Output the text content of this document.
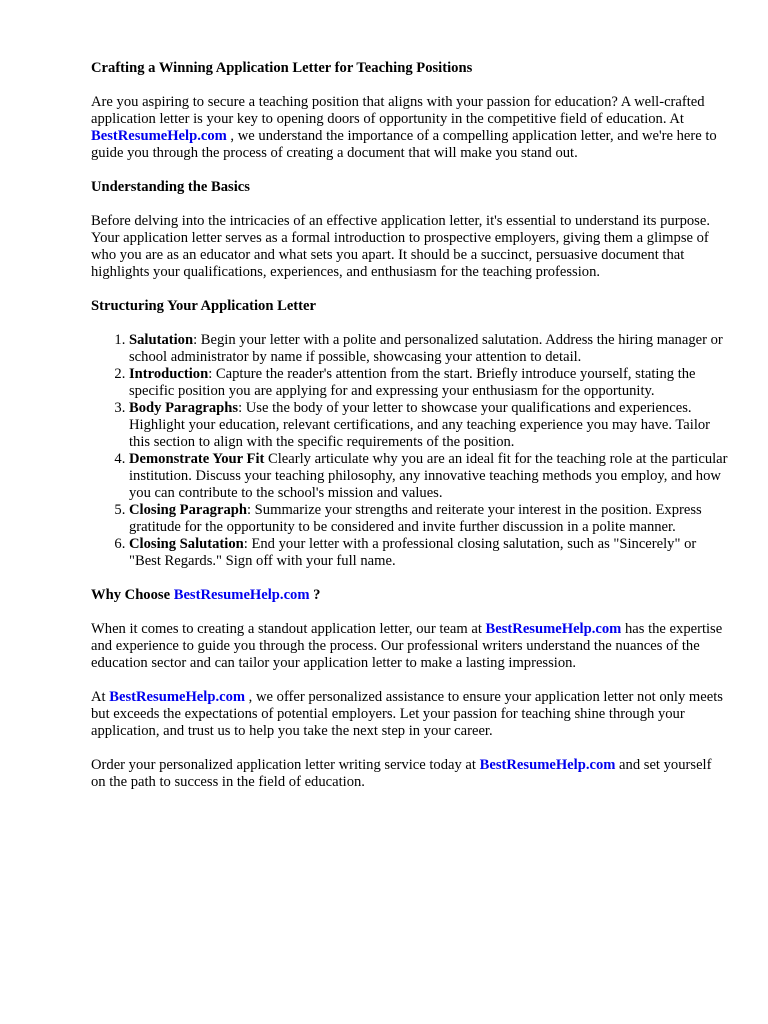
Crafting a Winning Application Letter for Teaching Positions

Are you aspiring to secure a teaching position that aligns with your passion for education? A well-crafted application letter is your key to opening doors of opportunity in the competitive field of education. At BestResumeHelp.com , we understand the importance of a compelling application letter, and we're here to guide you through the process of creating a document that will make you stand out.

Understanding the Basics

Before delving into the intricacies of an effective application letter, it's essential to understand its purpose. Your application letter serves as a formal introduction to prospective employers, giving them a glimpse of who you are as an educator and what sets you apart. It should be a succinct, persuasive document that highlights your qualifications, experiences, and enthusiasm for the teaching profession.

Structuring Your Application Letter
1. Salutation: Begin your letter with a polite and personalized salutation. Address the hiring manager or school administrator by name if possible, showcasing your attention to detail.
2. Introduction: Capture the reader's attention from the start. Briefly introduce yourself, stating the specific position you are applying for and expressing your enthusiasm for the opportunity.
3. Body Paragraphs: Use the body of your letter to showcase your qualifications and experiences. Highlight your education, relevant certifications, and any teaching experience you may have. Tailor this section to align with the specific requirements of the position.
4. Demonstrate Your Fit Clearly articulate why you are an ideal fit for the teaching role at the particular institution. Discuss your teaching philosophy, any innovative teaching methods you employ, and how you can contribute to the school's mission and values.
5. Closing Paragraph: Summarize your strengths and reiterate your interest in the position. Express gratitude for the opportunity to be considered and invite further discussion in a polite manner.
6. Closing Salutation: End your letter with a professional closing salutation, such as "Sincerely" or "Best Regards." Sign off with your full name.
Why Choose BestResumeHelp.com ?

When it comes to creating a standout application letter, our team at BestResumeHelp.com has the expertise and experience to guide you through the process. Our professional writers understand the nuances of the education sector and can tailor your application letter to make a lasting impression.

At BestResumeHelp.com , we offer personalized assistance to ensure your application letter not only meets but exceeds the expectations of potential employers. Let your passion for teaching shine through your application, and trust us to help you take the next step in your career.

Order your personalized application letter writing service today at BestResumeHelp.com and set yourself on the path to success in the field of education.
